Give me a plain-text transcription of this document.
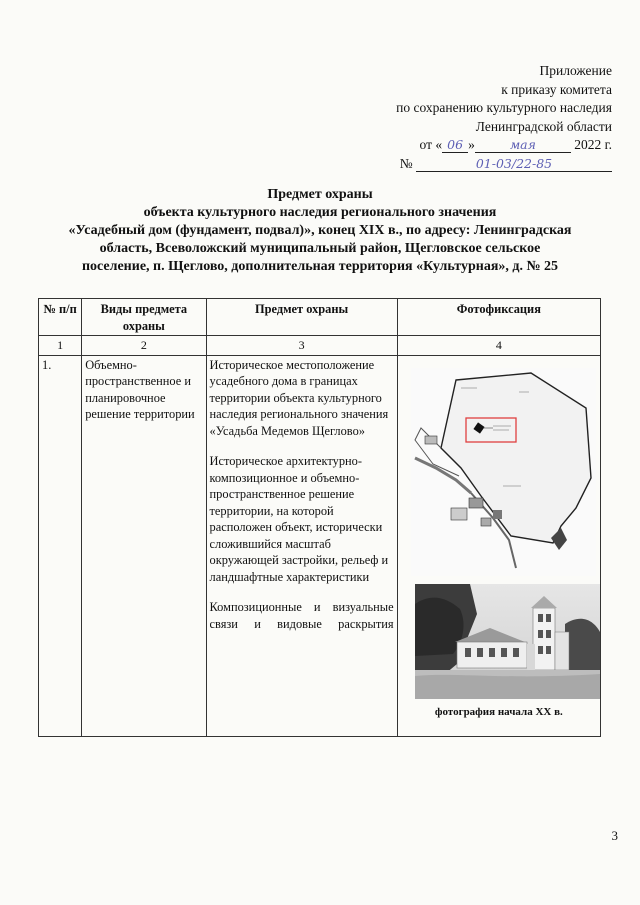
Приложение
к приказу комитета
по сохранению культурного наследия
Ленинградской области
от « 06 »	мая	2022 г.
№	01-03/22-85
Предмет охраны
объекта культурного наследия регионального значения
«Усадебный дом (фундамент, подвал)», конец XIX в., по адресу: Ленинградская
область, Всеволожский муниципальный район, Щегловское сельское
поселение, п. Щеглово, дополнительная территория «Культурная», д. № 25
№ п/п	Виды предмета охраны	Предмет охраны	Фотофиксация
1	2	3	4
1.	Объемно-пространственное и планировочное решение территории	Историческое местоположение усадебного дома в границах территории объекта культурного наследия регионального значения «Усадьба Медемов Щеглово»

Историческое архитектурно-композиционное и объемно-пространственное решение территории, на которой расположен объект, исторически сложившийся масштаб окружающей застройки, рельеф и ландшафтные характеристики

Композиционные и визуальные связи и видовые раскрытия	фотография начала XX в.
3
